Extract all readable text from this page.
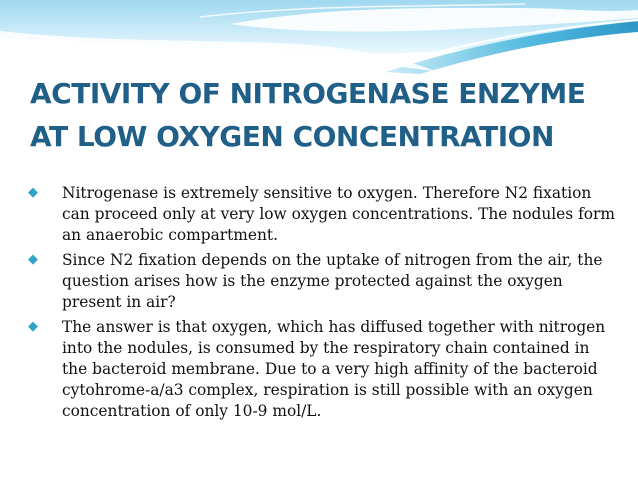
ACTIVITY OF NITROGENASE ENZYME AT LOW OXYGEN CONCENTRATION
◆ Nitrogenase is extremely sensitive to oxygen. Therefore N2 fixation can proceed only at very low oxygen concentrations. The nodules form an anaerobic compartment.
◆ Since N2 fixation depends on the uptake of nitrogen from the air, the question arises how is the enzyme protected against the oxygen present in air?
◆ The answer is that oxygen, which has diffused together with nitrogen into the nodules, is consumed by the respiratory chain contained in the bacteroid membrane. Due to a very high affinity of the bacteroid cytohrome-a/a3 complex, respiration is still possible with an oxygen concentration of only 10-9 mol/L.
